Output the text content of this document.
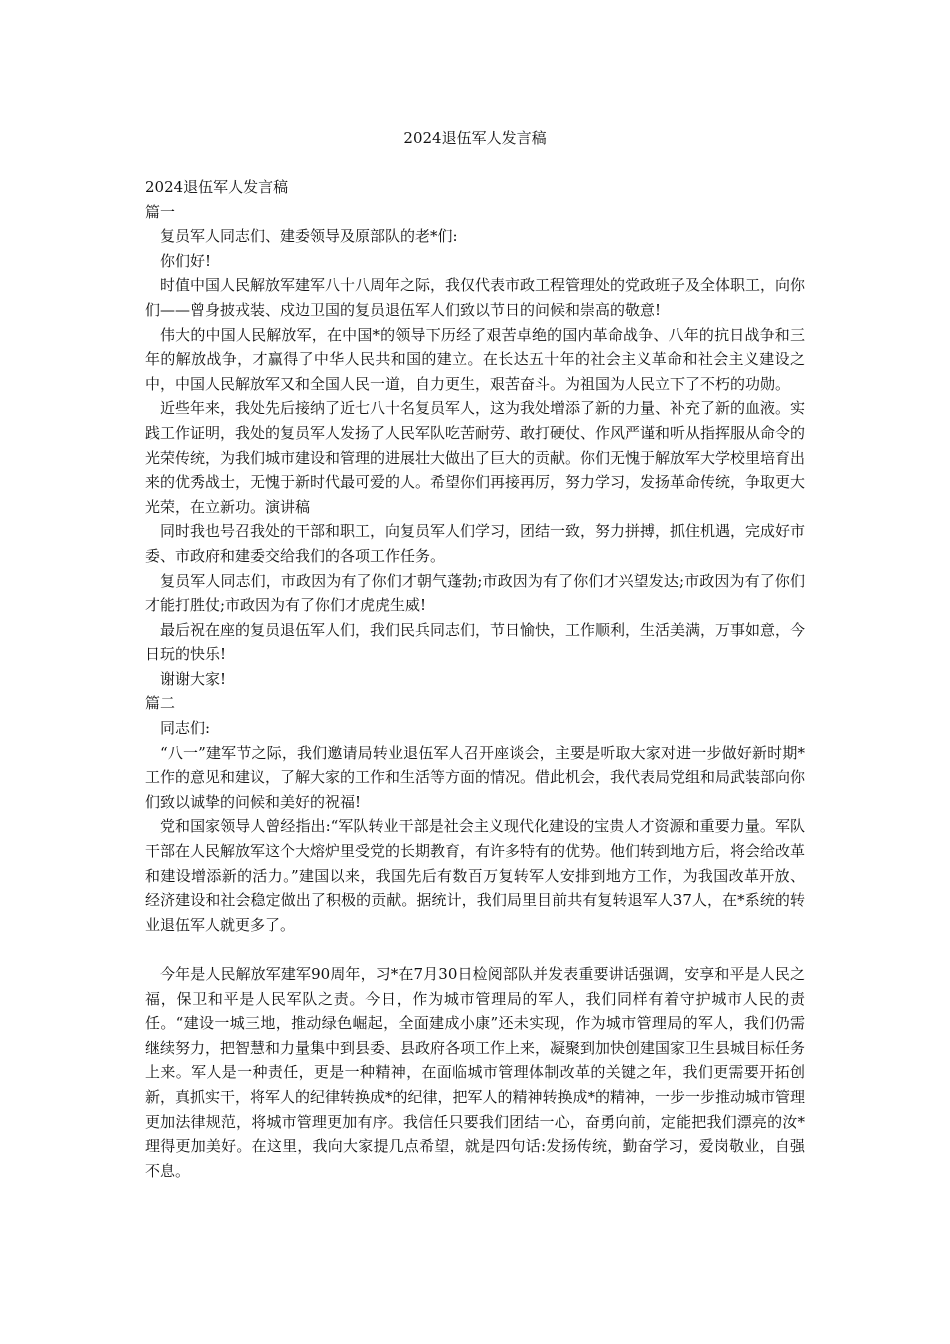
2024退伍军人发言稿

2024退伍军人发言稿

篇一

复员军人同志们、建委领导及原部队的老*们:

你们好!

时值中国人民解放军建军八十八周年之际，我仅代表市政工程管理处的党政班子及全体职工，向你们——曾身披戎装、戍边卫国的复员退伍军人们致以节日的问候和崇高的敬意!

伟大的中国人民解放军，在中国*的领导下历经了艰苦卓绝的国内革命战争、八年的抗日战争和三年的解放战争，才赢得了中华人民共和国的建立。在长达五十年的社会主义革命和社会主义建设之中，中国人民解放军又和全国人民一道，自力更生，艰苦奋斗。为祖国为人民立下了不朽的功勋。

近些年来，我处先后接纳了近七八十名复员军人，这为我处增添了新的力量、补充了新的血液。实践工作证明，我处的复员军人发扬了人民军队吃苦耐劳、敢打硬仗、作风严谨和听从指挥服从命令的光荣传统，为我们城市建设和管理的进展壮大做出了巨大的贡献。你们无愧于解放军大学校里培育出来的优秀战士，无愧于新时代最可爱的人。希望你们再接再厉，努力学习，发扬革命传统，争取更大光荣，在立新功。演讲稿

同时我也号召我处的干部和职工，向复员军人们学习，团结一致，努力拼搏，抓住机遇，完成好市委、市政府和建委交给我们的各项工作任务。

复员军人同志们，市政因为有了你们才朝气蓬勃;市政因为有了你们才兴望发达;市政因为有了你们才能打胜仗;市政因为有了你们才虎虎生威!

最后祝在座的复员退伍军人们，我们民兵同志们，节日愉快，工作顺利，生活美满，万事如意，今日玩的快乐!

谢谢大家!

篇二

同志们:

“八一”建军节之际，我们邀请局转业退伍军人召开座谈会，主要是听取大家对进一步做好新时期*工作的意见和建议，了解大家的工作和生活等方面的情况。借此机会，我代表局党组和局武装部向你们致以诚挚的问候和美好的祝福!

党和国家领导人曾经指出:“军队转业干部是社会主义现代化建设的宝贵人才资源和重要力量。军队干部在人民解放军这个大熔炉里受党的长期教育，有许多特有的优势。他们转到地方后，将会给改革和建设增添新的活力。”建国以来，我国先后有数百万复转军人安排到地方工作，为我国改革开放、经济建设和社会稳定做出了积极的贡献。据统计，我们局里目前共有复转退军人37人，在*系统的转业退伍军人就更多了。

今年是人民解放军建军90周年，习*在7月30日检阅部队并发表重要讲话强调，安享和平是人民之福，保卫和平是人民军队之责。今日，作为城市管理局的军人，我们同样有着守护城市人民的责任。“建设一城三地，推动绿色崛起，全面建成小康”还未实现，作为城市管理局的军人，我们仍需继续努力，把智慧和力量集中到县委、县政府各项工作上来，凝聚到加快创建国家卫生县城目标任务上来。军人是一种责任，更是一种精神，在面临城市管理体制改革的关键之年，我们更需要开拓创新，真抓实干，将军人的纪律转换成*的纪律，把军人的精神转换成*的精神，一步一步推动城市管理更加法律规范，将城市管理更加有序。我信任只要我们团结一心，奋勇向前，定能把我们漂亮的汝*理得更加美好。在这里，我向大家提几点希望，就是四句话:发扬传统，勤奋学习，爱岗敬业，自强不息。
